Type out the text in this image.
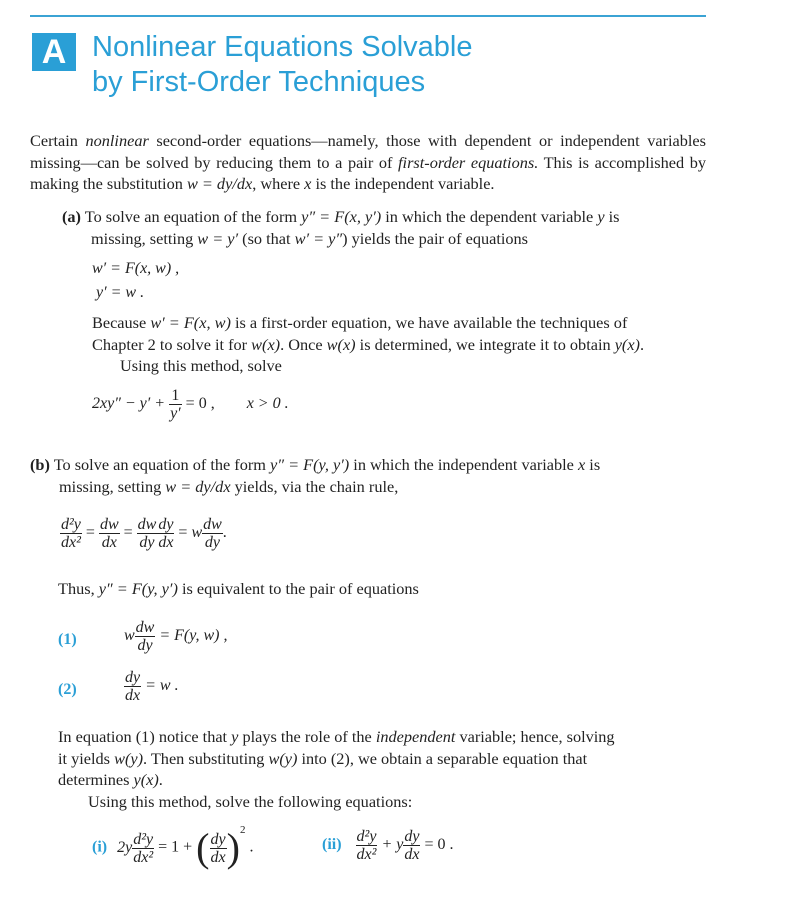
A Nonlinear Equations Solvable
by First-Order Techniques

Certain nonlinear second-order equations—namely, those with dependent or independent variables missing—can be solved by reducing them to a pair of first-order equations. This is accomplished by making the substitution w = dy/dx, where x is the independent variable.

(a) To solve an equation of the form y″ = F(x, y′) in which the dependent variable y is
missing, setting w = y′ (so that w′ = y″) yields the pair of equations
w′ = F(x, w) ,
y′ = w .
Because w′ = F(x, w) is a first-order equation, we have available the techniques of
Chapter 2 to solve it for w(x). Once w(x) is determined, we integrate it to obtain y(x).
Using this method, solve
$2xy'' - y' + \frac{1}{y'} = 0$ , x > 0 .
(b) To solve an equation of the form y″ = F(y, y′) in which the independent variable x is
missing, setting w = dy/dx yields, via the chain rule,
$\frac{\text{d²y}}{\text{dx²}} = \frac{dw}{dx} = \frac{dw}{dy} \frac{dy}{dx} = w \frac{dw}{dy}$ .
Thus, y″ = F(y, y′) is equivalent to the pair of equations
(1)	w $\frac{dw}{dy} = F(y$, w) ,
(2)	$\frac{dy}{dx} = w$ .
In equation (1) notice that y plays the role of the independent variable; hence, solving
it yields w(y). Then substituting w(y) into (2), we obtain a separable equation that
determines y(x).
Using this method, solve the following equations:
(i) $2y \frac{\text{d²y}}{\text{dx²}} = 1$ + ( $\frac{dy}{dx} )^2$ .	$(ii) \frac{\text{d²y}}{\text{dx²}} + y \frac{dy}{dx} = 0$ .
